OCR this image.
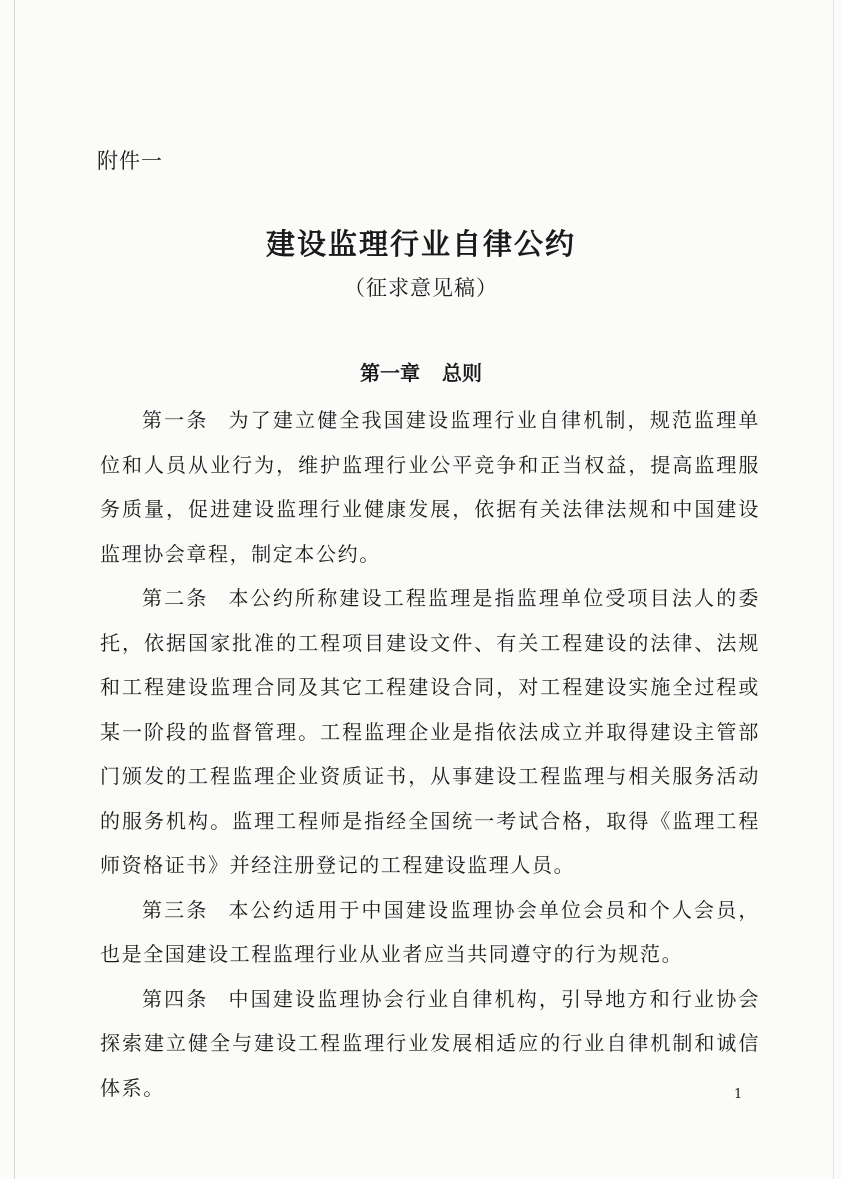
附件一
建设监理行业自律公约
（征求意见稿）
第一章 总则

第一条 为了建立健全我国建设监理行业自律机制，规范监理单位和人员从业行为，维护监理行业公平竞争和正当权益，提高监理服务质量，促进建设监理行业健康发展，依据有关法律法规和中国建设监理协会章程，制定本公约。

第二条 本公约所称建设工程监理是指监理单位受项目法人的委托，依据国家批准的工程项目建设文件、有关工程建设的法律、法规和工程建设监理合同及其它工程建设合同，对工程建设实施全过程或某一阶段的监督管理。工程监理企业是指依法成立并取得建设主管部门颁发的工程监理企业资质证书，从事建设工程监理与相关服务活动的服务机构。监理工程师是指经全国统一考试合格，取得《监理工程师资格证书》并经注册登记的工程建设监理人员。

第三条 本公约适用于中国建设监理协会单位会员和个人会员，也是全国建设工程监理行业从业者应当共同遵守的行为规范。

第四条 中国建设监理协会行业自律机构，引导地方和行业协会探索建立健全与建设工程监理行业发展相适应的行业自律机制和诚信体系。	1
